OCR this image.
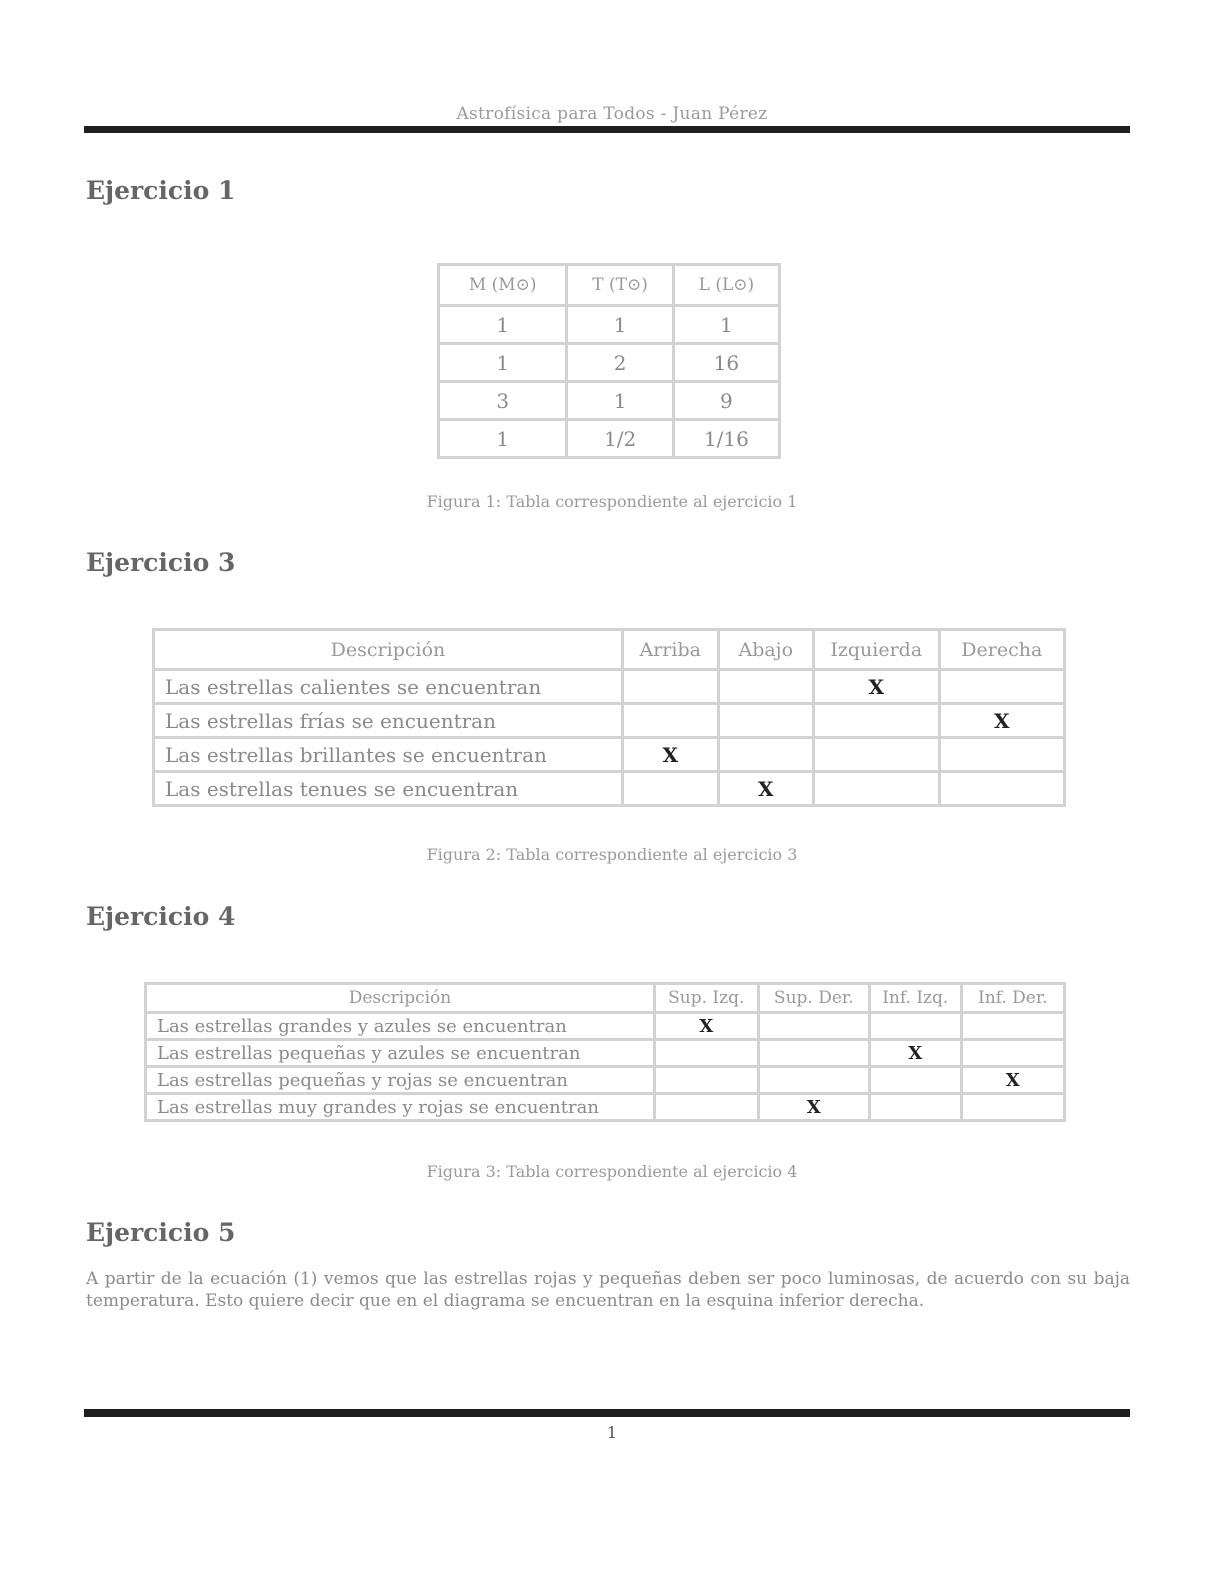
Astrofísica para Todos - Juan Pérez
Ejercicio 1
M (M⊙)	T (T⊙)	L (L⊙)
1	1	1
1	2	16
3	1	9
1	1/2	1/16
Figura 1: Tabla correspondiente al ejercicio 1
Ejercicio 3
Descripción	Arriba	Abajo	Izquierda	Derecha
Las estrellas calientes se encuentran			X	
Las estrellas frías se encuentran				X
Las estrellas brillantes se encuentran	X			
Las estrellas tenues se encuentran		X		
Figura 2: Tabla correspondiente al ejercicio 3
Ejercicio 4
Descripción	Sup. Izq.	Sup. Der.	Inf. Izq.	Inf. Der.
Las estrellas grandes y azules se encuentran	X			
Las estrellas pequeñas y azules se encuentran			X	
Las estrellas pequeñas y rojas se encuentran				X
Las estrellas muy grandes y rojas se encuentran		X		
Figura 3: Tabla correspondiente al ejercicio 4
Ejercicio 5
A partir de la ecuación (1) vemos que las estrellas rojas y pequeñas deben ser poco luminosas, de acuerdo con su baja temperatura. Esto quiere decir que en el diagrama se encuentran en la esquina inferior derecha.
1
